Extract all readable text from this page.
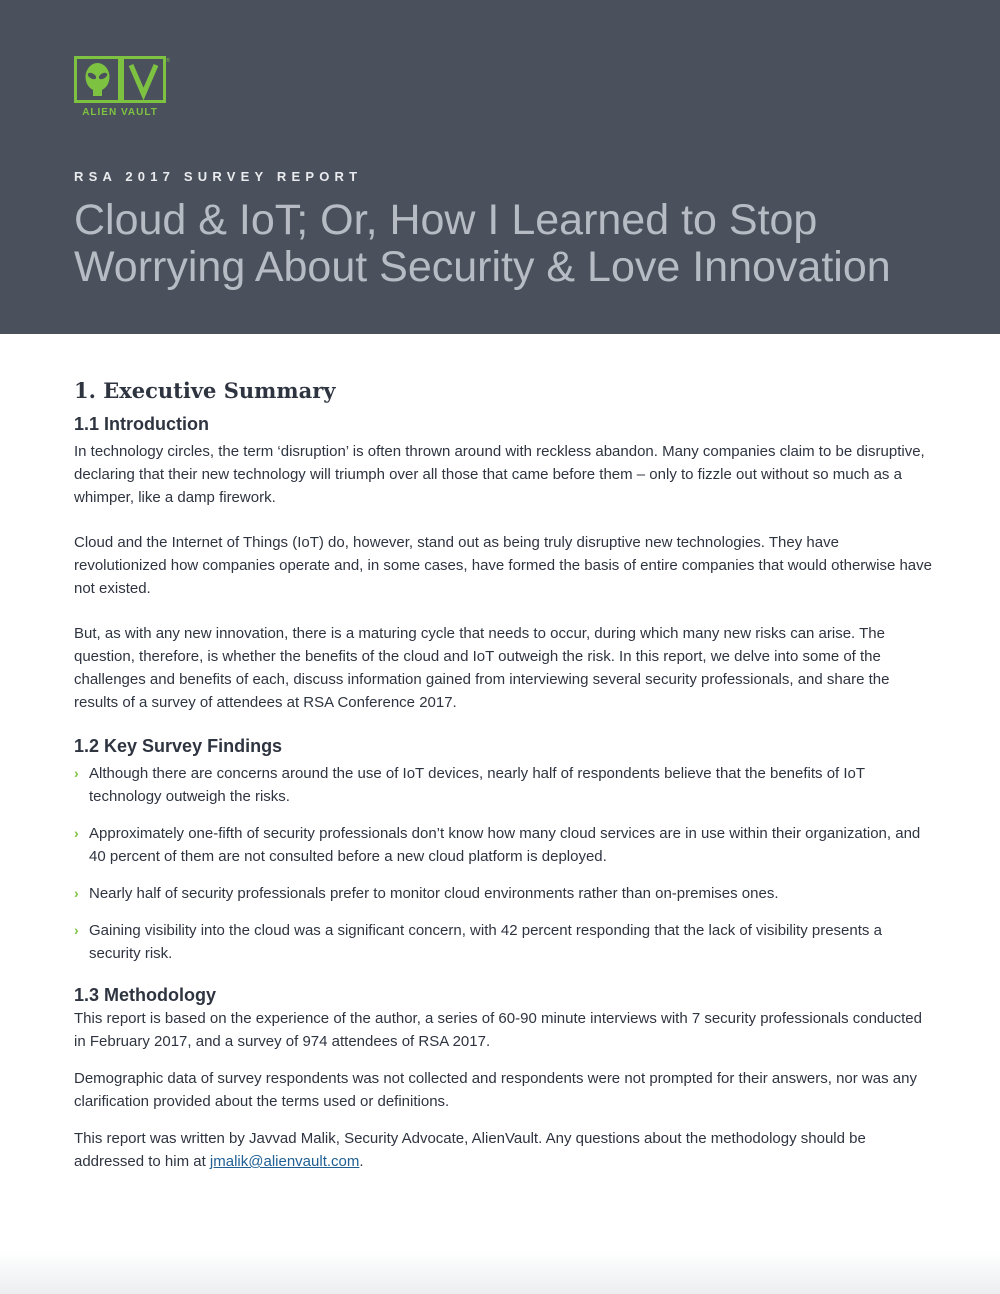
®
ALIEN VAULT
RSA 2017 SURVEY REPORT
Cloud & IoT; Or, How I Learned to Stop
Worrying About Security & Love Innovation
1. Executive Summary
1.1 Introduction

In technology circles, the term ‘disruption’ is often thrown around with reckless abandon. Many companies claim to be disruptive, declaring that their new technology will triumph over all those that came before them – only to fizzle out without so much as a whimper, like a damp firework.

Cloud and the Internet of Things (IoT) do, however, stand out as being truly disruptive new technologies. They have revolutionized how companies operate and, in some cases, have formed the basis of entire companies that would otherwise have not existed.

But, as with any new innovation, there is a maturing cycle that needs to occur, during which many new risks can arise. The question, therefore, is whether the benefits of the cloud and IoT outweigh the risk. In this report, we delve into some of the challenges and benefits of each, discuss information gained from interviewing several security professionals, and share the results of a survey of attendees at RSA Conference 2017.

1.2 Key Survey Findings
› Although there are concerns around the use of IoT devices, nearly half of respondents believe that the benefits of IoT technology outweigh the risks.
› Approximately one-fifth of security professionals don’t know how many cloud services are in use within their organization, and 40 percent of them are not consulted before a new cloud platform is deployed.
› Nearly half of security professionals prefer to monitor cloud environments rather than on-premises ones.
› Gaining visibility into the cloud was a significant concern, with 42 percent responding that the lack of visibility presents a security risk.
1.3 Methodology

This report is based on the experience of the author, a series of 60-90 minute interviews with 7 security professionals conducted in February 2017, and a survey of 974 attendees of RSA 2017.

Demographic data of survey respondents was not collected and respondents were not prompted for their answers, nor was any clarification provided about the terms used or definitions.

This report was written by Javvad Malik, Security Advocate, AlienVault. Any questions about the methodology should be addressed to him at jmalik@alienvault.com.
